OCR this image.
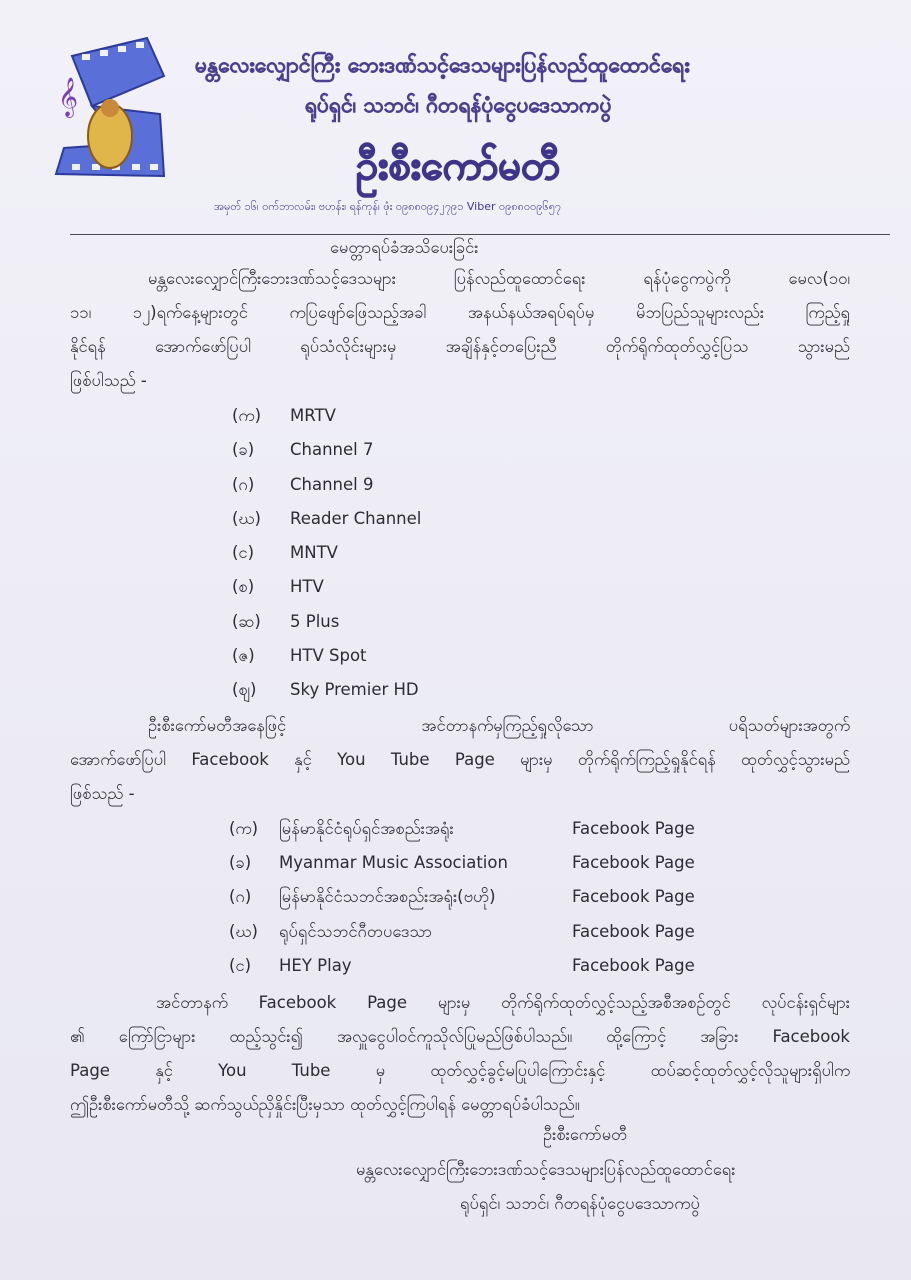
𝄞
မန္တလေးလျှောင်ကြီး ဘေးဒဏ်သင့်ဒေသများပြန်လည်ထူထောင်ရေး
ရုပ်ရှင်၊ သဘင်၊ ဂီတရန်ပုံငွေပဒေသာကပွဲ
ဦးစီးကော်မတီ
အမှတ် ၁၆၊ ဝက်ဘာလမ်း၊ ဗဟန်း၊ ရန်ကုန်၊ ဖုံး ၀၉၈၈၀၉၄၂၇၉၁ Viber ၀၉၈၈၀၀၉၆၅၇
မေတ္တာရပ်ခံအသိပေးခြင်း
မန္တလေးလျှောင်ကြီးဘေးဒဏ်သင့်ဒေသများ ပြန်လည်ထူထောင်ရေး ရန်ပုံငွေကပွဲကို မေလ(၁၀၊
၁၁၊ ၁၂)ရက်နေ့များတွင် ကပြဖျော်ဖြေသည့်အခါ အနယ်နယ်အရပ်ရပ်မှ မိဘပြည်သူများလည်း ကြည့်ရှု
နိုင်ရန် အောက်ဖော်ပြပါ ရုပ်သံလိုင်းများမှ အချိန်နှင့်တပြေးညီ တိုက်ရိုက်ထုတ်လွှင့်ပြသ သွားမည်
ဖြစ်ပါသည် -
(က) MRTV
(ခ) Channel 7
(ဂ) Channel 9
(ဃ) Reader Channel
(င) MNTV
(စ) HTV
(ဆ) 5 Plus
(ဇ) HTV Spot
(ဈ) Sky Premier HD
ဦးစီးကော်မတီအနေဖြင့် အင်တာနက်မှကြည့်ရှုလိုသော ပရိသတ်များအတွက်
အောက်ဖော်ပြပါ Facebook နှင့် You Tube Page များမှ တိုက်ရိုက်ကြည့်ရှုနိုင်ရန် ထုတ်လွှင့်သွားမည်
ဖြစ်သည် -
(က) မြန်မာနိုင်ငံရုပ်ရှင်အစည်းအရုံး	Facebook Page
(ခ) Myanmar Music Association	Facebook Page
(ဂ) မြန်မာနိုင်ငံသဘင်အစည်းအရုံး(ဗဟို)	Facebook Page
(ဃ) ရုပ်ရှင်သဘင်ဂီတပဒေသာ	Facebook Page
(င) HEY Play	Facebook Page
အင်တာနက် Facebook Page များမှ တိုက်ရိုက်ထုတ်လွှင့်သည့်အစီအစဉ်တွင် လုပ်ငန်းရှင်များ
၏ ကြော်ငြာများ ထည့်သွင်း၍ အလှူငွေပါဝင်ကူသိုလ်ပြုမည်ဖြစ်ပါသည်။ ထို့ကြောင့် အခြား Facebook
Page နှင့် You Tube မှ ထုတ်လွှင့်ခွင့်မပြုပါကြောင်းနှင့် ထပ်ဆင့်ထုတ်လွှင့်လိုသူများရှိပါက
ဤဦးစီးကော်မတီသို့ ဆက်သွယ်ညှိနှိုင်းပြီးမှသာ ထုတ်လွှင့်ကြပါရန် မေတ္တာရပ်ခံပါသည်။
ဦးစီးကော်မတီ
မန္တလေးလျှောင်ကြီးဘေးဒဏ်သင့်ဒေသများပြန်လည်ထူထောင်ရေး
ရုပ်ရှင်၊ သဘင်၊ ဂီတရန်ပုံငွေပဒေသာကပွဲ
